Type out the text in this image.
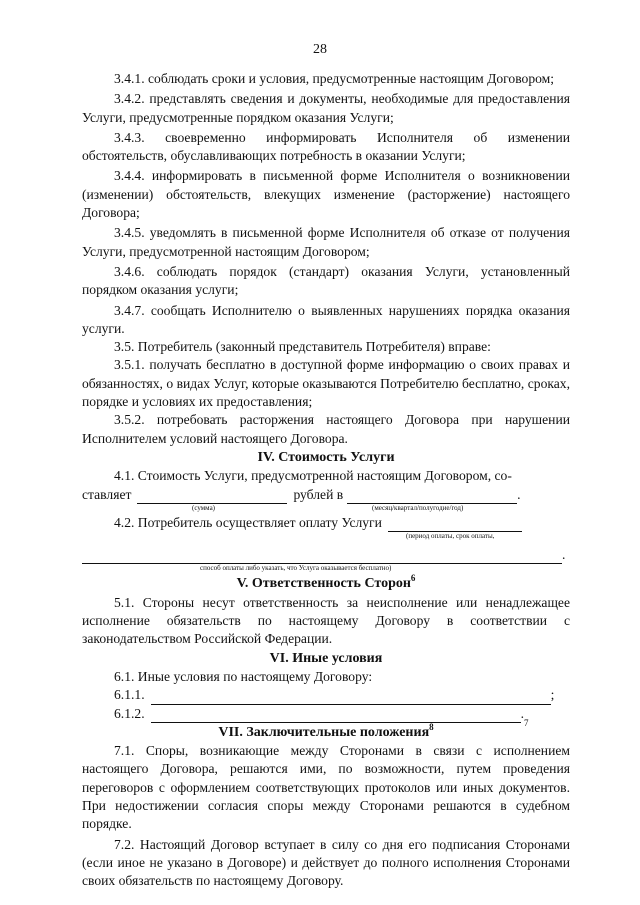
28

3.4.1. соблюдать сроки и условия, предусмотренные настоящим Договором;

3.4.2. представлять сведения и документы, необходимые для предоставления Услуги, предусмотренные порядком оказания Услуги;

3.4.3. своевременно информировать Исполнителя об изменении обстоятельств, обуславливающих потребность в оказании Услуги;

3.4.4. информировать в письменной форме Исполнителя о возникновении (изменении) обстоятельств, влекущих изменение (расторжение) настоящего Договора;

3.4.5. уведомлять в письменной форме Исполнителя об отказе от получения Услуги, предусмотренной настоящим Договором;

3.4.6. соблюдать порядок (стандарт) оказания Услуги, установленный порядком оказания услуги;

3.4.7. сообщать Исполнителю о выявленных нарушениях порядка оказания услуги.

3.5. Потребитель (законный представитель Потребителя) вправе:

3.5.1. получать бесплатно в доступной форме информацию о своих правах и обязанностях, о видах Услуг, которые оказываются Потребителю бесплатно, сроках, порядке и условиях их предоставления;

3.5.2. потребовать расторжения настоящего Договора при нарушении Исполнителем условий настоящего Договора.

IV. Стоимость Услуги

4.1. Стоимость Услуги, предусмотренной настоящим Договором, со-

ставляет	рублей в	.
(сумма)	(месяц/квартал/полугодие/год)
4.2. Потребитель осуществляет оплату Услуги
(период оплаты, срок оплаты,
.
способ оплаты либо указать, что Услуга оказывается бесплатно)
V. Ответственность Сторон$^6$

5.1. Стороны несут ответственность за неисполнение или ненадлежащее исполнение обязательств по настоящему Договору в соответствии с законодательством Российской Федерации.

VI. Иные условия

6.1. Иные условия по настоящему Договору:

6.1.1.	;
6.1.2.	.
7
VII. Заключительные положения$^8$

7.1. Споры, возникающие между Сторонами в связи с исполнением настоящего Договора, решаются ими, по возможности, путем проведения переговоров с оформлением соответствующих протоколов или иных документов. При недостижении согласия споры между Сторонами решаются в судебном порядке.

7.2. Настоящий Договор вступает в силу со дня его подписания Сторонами (если иное не указано в Договоре) и действует до полного исполнения Сторонами своих обязательств по настоящему Договору.
